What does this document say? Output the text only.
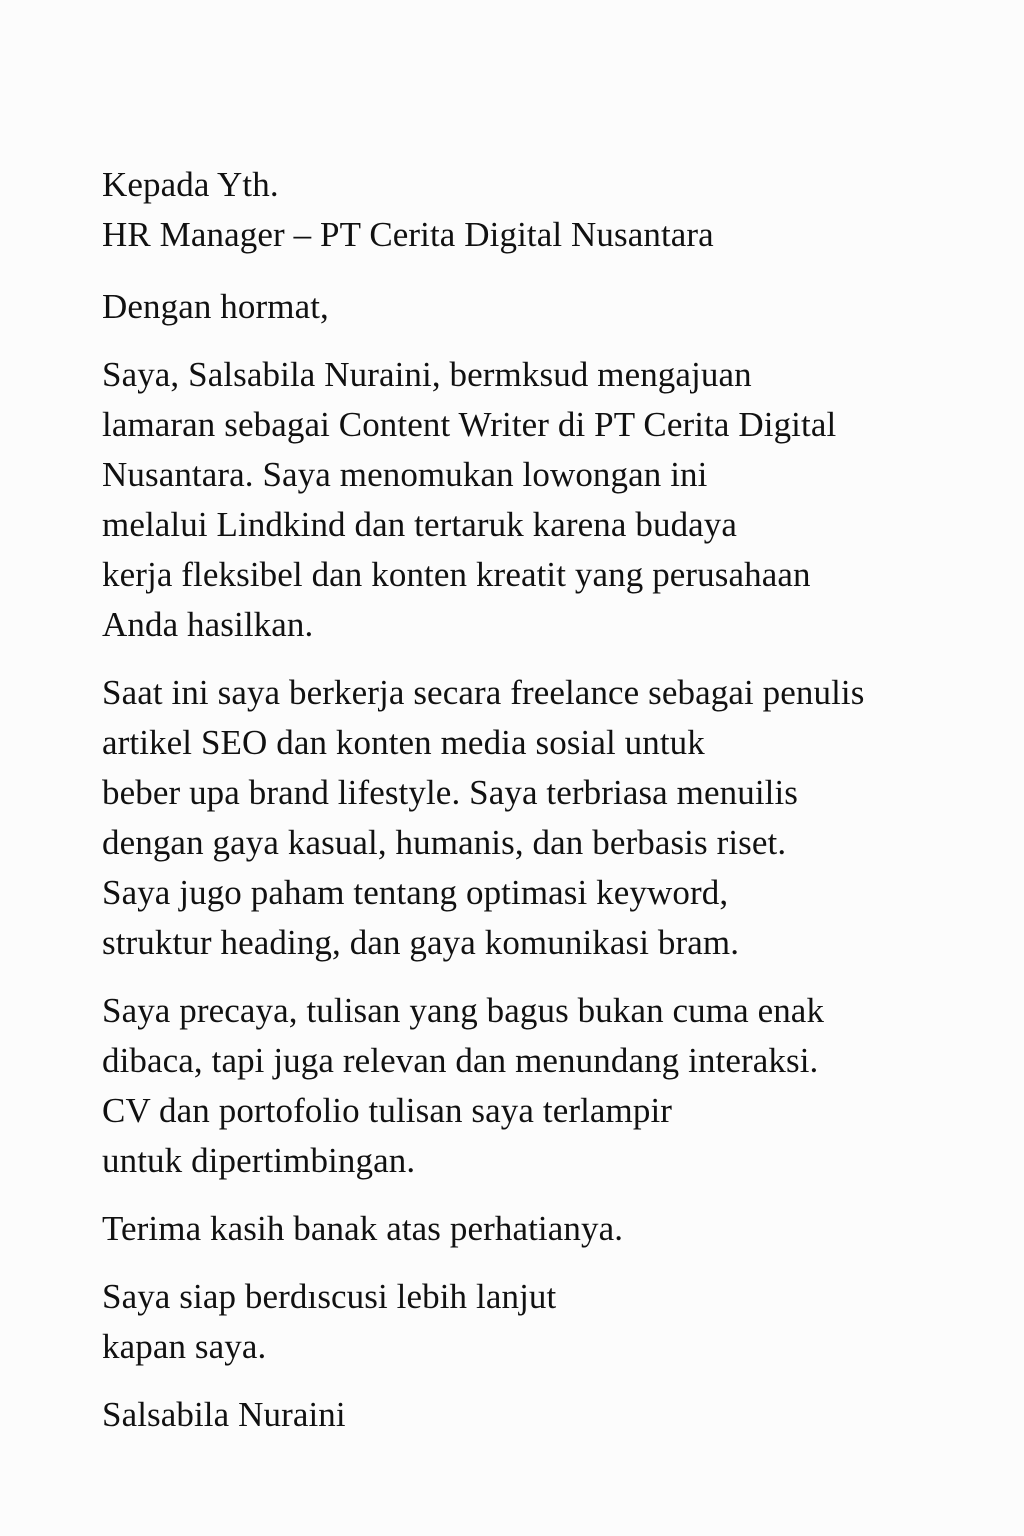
Kepada Yth.
HR Manager – PT Cerita Digital Nusantara
Dengan hormat,
Saya, Salsabila Nuraini, bermksud mengajuan
lamaran sebagai Content Writer di PT Cerita Digital
Nusantara. Saya menomukan lowongan ini
melalui Lindkind dan tertaruk karena budaya
kerja fleksibel dan konten kreatit yang perusahaan
Anda hasilkan.
Saat ini saya berkerja secara freelance sebagai penulis
artikel SEO dan konten media sosial untuk
beber upa brand lifestyle. Saya terbriasa menuilis
dengan gaya kasual, humanis, dan berbasis riset.
Saya jugo paham tentang optimasi keyword,
struktur heading, dan gaya komunikasi bram.
Saya precaya, tulisan yang bagus bukan cuma enak
dibaca, tapi juga relevan dan menundang interaksi.
CV dan portofolio tulisan saya terlampir
untuk dipertimbingan.
Terima kasih banak atas perhatianya.
Saya siap berdıscusi lebih lanjut
kapan saya.
Salsabila Nuraini
